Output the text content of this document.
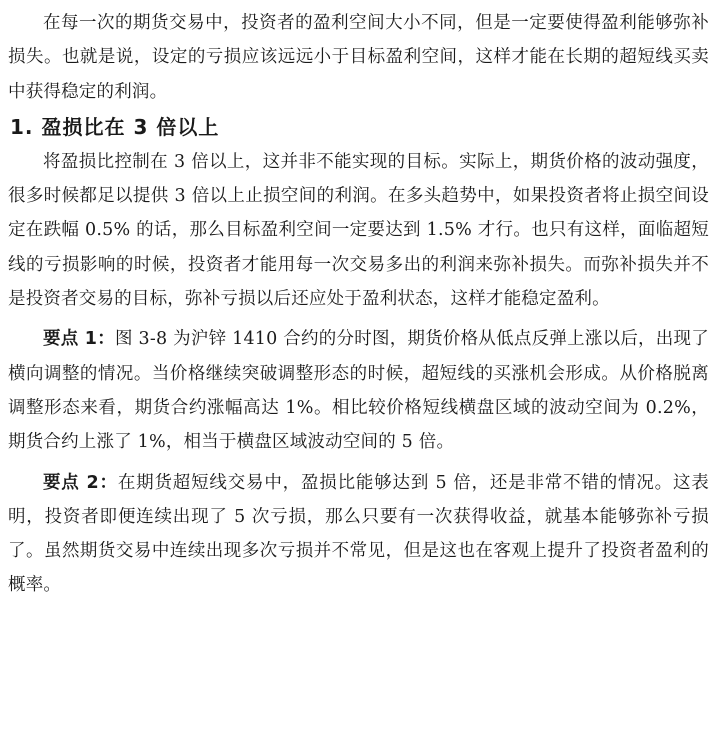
在每一次的期货交易中，投资者的盈利空间大小不同，但是一定要使得盈利能够弥补损失。也就是说，设定的亏损应该远远小于目标盈利空间，这样才能在长期的超短线买卖中获得稳定的利润。

1. 盈损比在 3 倍以上

将盈损比控制在 3 倍以上，这并非不能实现的目标。实际上，期货价格的波动强度，很多时候都足以提供 3 倍以上止损空间的利润。在多头趋势中，如果投资者将止损空间设定在跌幅 0.5% 的话，那么目标盈利空间一定要达到 1.5% 才行。也只有这样，面临超短线的亏损影响的时候，投资者才能用每一次交易多出的利润来弥补损失。而弥补损失并不是投资者交易的目标，弥补亏损以后还应处于盈利状态，这样才能稳定盈利。

要点 1：图 3-8 为沪锌 1410 合约的分时图，期货价格从低点反弹上涨以后，出现了横向调整的情况。当价格继续突破调整形态的时候，超短线的买涨机会形成。从价格脱离调整形态来看，期货合约涨幅高达 1%。相比较价格短线横盘区域的波动空间为 0.2%，期货合约上涨了 1%，相当于横盘区域波动空间的 5 倍。

要点 2：在期货超短线交易中，盈损比能够达到 5 倍，还是非常不错的情况。这表明，投资者即便连续出现了 5 次亏损，那么只要有一次获得收益，就基本能够弥补亏损了。虽然期货交易中连续出现多次亏损并不常见，但是这也在客观上提升了投资者盈利的概率。
